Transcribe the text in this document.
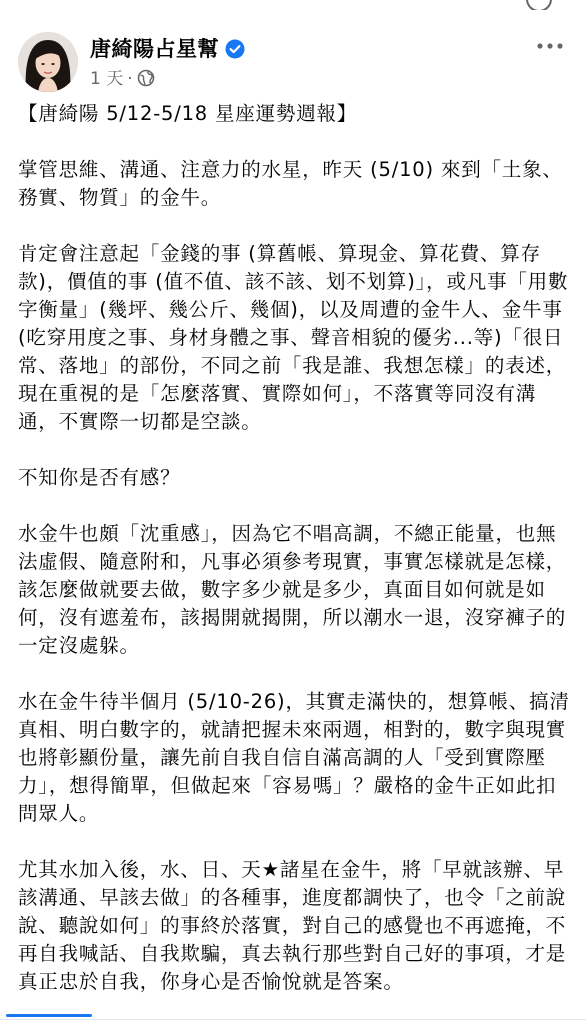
唐綺陽占星幫
1 天 ·

【唐綺陽 5/12-5/18 星座運勢週報】

掌管思維、溝通、注意力的水星，昨天 (5/10) 來到「土象、務實、物質」的金牛。

肯定會注意起「金錢的事 (算舊帳、算現金、算花費、算存款)，價值的事 (值不值、該不該、划不划算)」，或凡事「用數字衡量」(幾坪、幾公斤、幾個)，以及周遭的金牛人、金牛事 (吃穿用度之事、身材身體之事、聲音相貌的優劣...等)「很日常、落地」的部份，不同之前「我是誰、我想怎樣」的表述，現在重視的是「怎麼落實、實際如何」，不落實等同沒有溝通，不實際一切都是空談。

不知你是否有感？

水金牛也頗「沈重感」，因為它不唱高調，不總正能量，也無法虛假、隨意附和，凡事必須參考現實，事實怎樣就是怎樣，該怎麼做就要去做，數字多少就是多少，真面目如何就是如何，沒有遮羞布，該揭開就揭開，所以潮水一退，沒穿褲子的一定沒處躲。

水在金牛待半個月 (5/10-26)，其實走滿快的，想算帳、搞清真相、明白數字的，就請把握未來兩週，相對的，數字與現實也將彰顯份量，讓先前自我自信自滿高調的人「受到實際壓力」，想得簡單，但做起來「容易嗎」？嚴格的金牛正如此扣問眾人。

尤其水加入後，水、日、天★諸星在金牛，將「早就該辦、早該溝通、早該去做」的各種事，進度都調快了，也令「之前說說、聽說如何」的事終於落實，對自己的感覺也不再遮掩，不再自我喊話、自我欺騙，真去執行那些對自己好的事項，才是真正忠於自我，你身心是否愉悅就是答案。
